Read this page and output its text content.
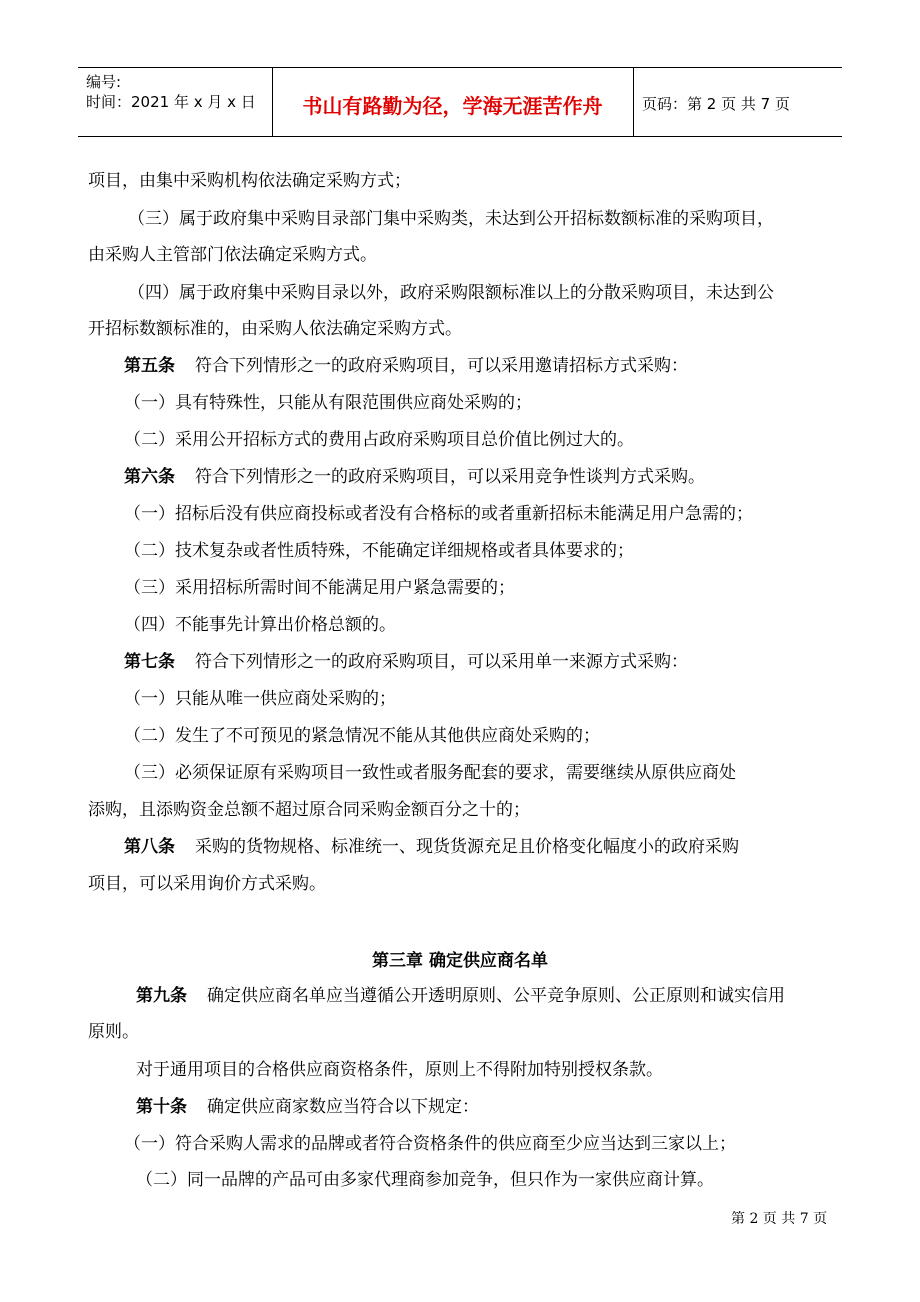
编号:
时间：2021 年 x 月 x 日	书山有路勤为径，学海无涯苦作舟	页码：第 2 页 共 7 页
项目，由集中采购机构依法确定采购方式；
（三）属于政府集中采购目录部门集中采购类，未达到公开招标数额标准的采购项目，
由采购人主管部门依法确定采购方式。
（四）属于政府集中采购目录以外，政府采购限额标准以上的分散采购项目，未达到公
开招标数额标准的，由采购人依法确定采购方式。
第五条 符合下列情形之一的政府采购项目，可以采用邀请招标方式采购：
（一）具有特殊性，只能从有限范围供应商处采购的；
（二）采用公开招标方式的费用占政府采购项目总价值比例过大的。
第六条 符合下列情形之一的政府采购项目，可以采用竞争性谈判方式采购。
（一）招标后没有供应商投标或者没有合格标的或者重新招标未能满足用户急需的；
（二）技术复杂或者性质特殊，不能确定详细规格或者具体要求的；
（三）采用招标所需时间不能满足用户紧急需要的；
（四）不能事先计算出价格总额的。
第七条 符合下列情形之一的政府采购项目，可以采用单一来源方式采购：
（一）只能从唯一供应商处采购的；
（二）发生了不可预见的紧急情况不能从其他供应商处采购的；
（三）必须保证原有采购项目一致性或者服务配套的要求，需要继续从原供应商处
添购，且添购资金总额不超过原合同采购金额百分之十的；
第八条 采购的货物规格、标准统一、现货货源充足且价格变化幅度小的政府采购
项目，可以采用询价方式采购。
第三章 确定供应商名单
第九条 确定供应商名单应当遵循公开透明原则、公平竞争原则、公正原则和诚实信用
原则。
对于通用项目的合格供应商资格条件，原则上不得附加特别授权条款。
第十条 确定供应商家数应当符合以下规定：
（一）符合采购人需求的品牌或者符合资格条件的供应商至少应当达到三家以上；
（二）同一品牌的产品可由多家代理商参加竞争，但只作为一家供应商计算。
第 2 页 共 7 页
